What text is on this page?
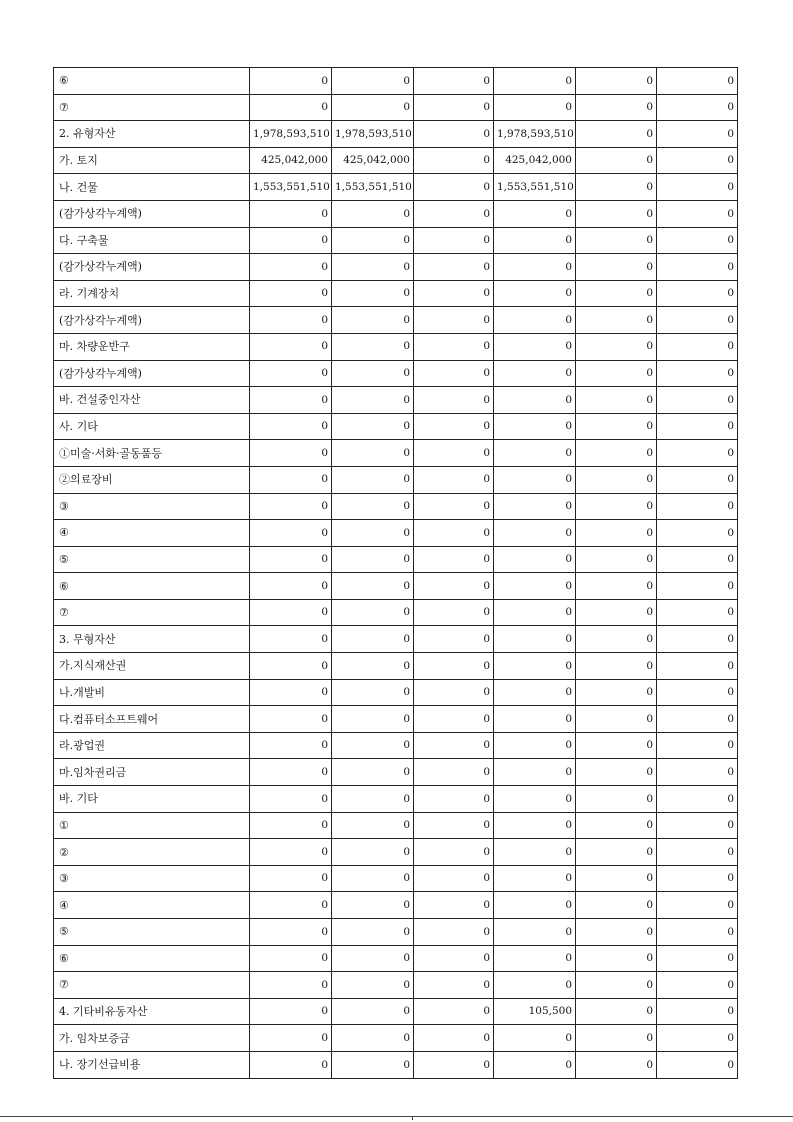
⑥	0	0	0	0	0	0
⑦	0	0	0	0	0	0
2. 유형자산	1,978,593,510	1,978,593,510	0	1,978,593,510	0	0
가. 토지	425,042,000	425,042,000	0	425,042,000	0	0
나. 건물	1,553,551,510	1,553,551,510	0	1,553,551,510	0	0
(감가상각누계액)	0	0	0	0	0	0
다. 구축물	0	0	0	0	0	0
(감가상각누계액)	0	0	0	0	0	0
라. 기계장치	0	0	0	0	0	0
(감가상각누계액)	0	0	0	0	0	0
마. 차량운반구	0	0	0	0	0	0
(감가상각누계액)	0	0	0	0	0	0
바. 건설중인자산	0	0	0	0	0	0
사. 기타	0	0	0	0	0	0
①미술·서화·골동품등	0	0	0	0	0	0
②의료장비	0	0	0	0	0	0
③	0	0	0	0	0	0
④	0	0	0	0	0	0
⑤	0	0	0	0	0	0
⑥	0	0	0	0	0	0
⑦	0	0	0	0	0	0
3. 무형자산	0	0	0	0	0	0
가.지식재산권	0	0	0	0	0	0
나.개발비	0	0	0	0	0	0
다.컴퓨터소프트웨어	0	0	0	0	0	0
라.광업권	0	0	0	0	0	0
마.임차권리금	0	0	0	0	0	0
바. 기타	0	0	0	0	0	0
①	0	0	0	0	0	0
②	0	0	0	0	0	0
③	0	0	0	0	0	0
④	0	0	0	0	0	0
⑤	0	0	0	0	0	0
⑥	0	0	0	0	0	0
⑦	0	0	0	0	0	0
4. 기타비유동자산	0	0	0	105,500	0	0
가. 임차보증금	0	0	0	0	0	0
나. 장기선급비용	0	0	0	0	0	0
